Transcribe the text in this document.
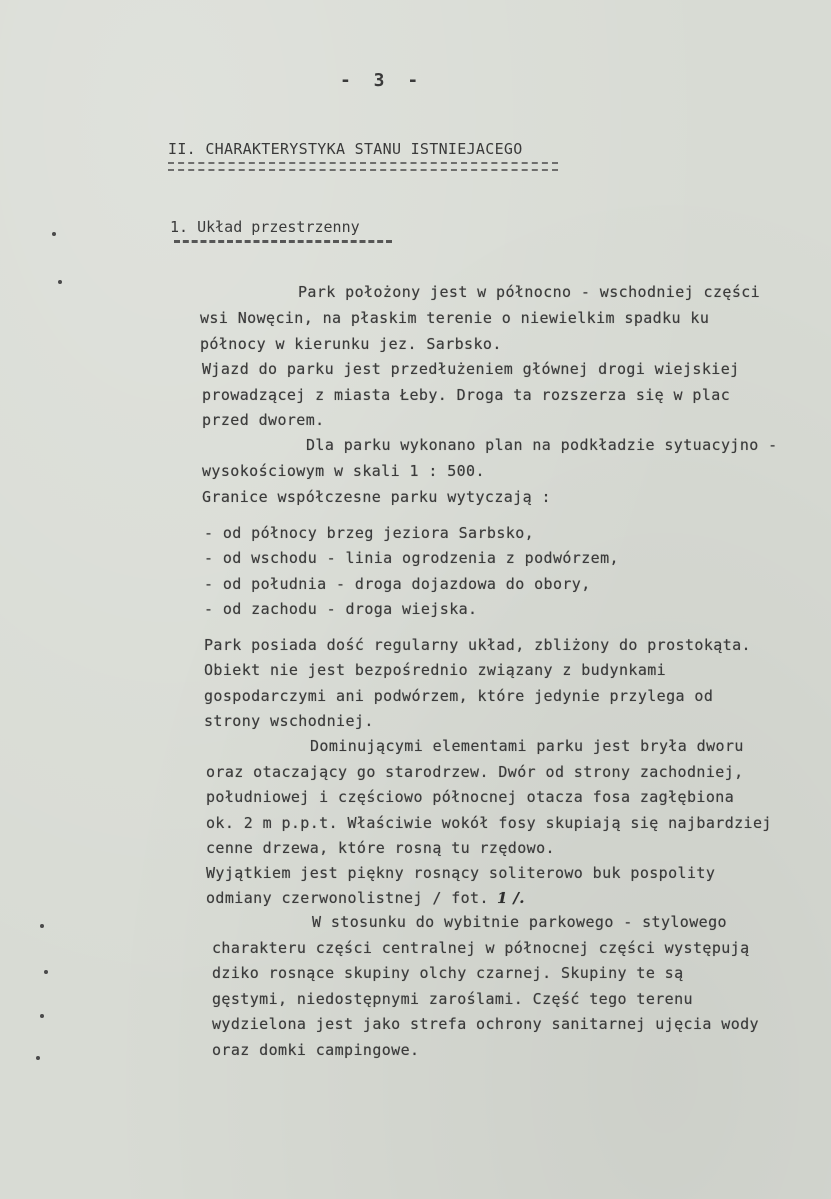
- 3 -
II. CHARAKTERYSTYKA STANU ISTNIEJACEGO
1. Układ przestrzenny
Park położony jest w północno - wschodniej części
wsi Nowęcin, na płaskim terenie o niewielkim spadku ku
północy w kierunku jez. Sarbsko.
Wjazd do parku jest przedłużeniem głównej drogi wiejskiej
prowadzącej z miasta Łeby. Droga ta rozszerza się w plac
przed dworem.
Dla parku wykonano plan na podkładzie sytuacyjno -
wysokościowym w skali 1 : 500.
Granice współczesne parku wytyczają :
- od północy brzeg jeziora Sarbsko,
- od wschodu - linia ogrodzenia z podwórzem,
- od południa - droga dojazdowa do obory,
- od zachodu - droga wiejska.
Park posiada dość regularny układ, zbliżony do prostokąta.
Obiekt nie jest bezpośrednio związany z budynkami
gospodarczymi ani podwórzem, które jedynie przylega od
strony wschodniej.
Dominującymi elementami parku jest bryła dworu
oraz otaczający go starodrzew. Dwór od strony zachodniej,
południowej i częściowo północnej otacza fosa zagłębiona
ok. 2 m p.p.t. Właściwie wokół fosy skupiają się najbardziej
cenne drzewa, które rosną tu rzędowo.
Wyjątkiem jest piękny rosnący soliterowo buk pospolity
odmiany czerwonolistnej / fot. 1 /.
W stosunku do wybitnie parkowego - stylowego
charakteru części centralnej w północnej części występują
dziko rosnące skupiny olchy czarnej. Skupiny te są
gęstymi, niedostępnymi zaroślami. Część tego terenu
wydzielona jest jako strefa ochrony sanitarnej ujęcia wody
oraz domki campingowe.
